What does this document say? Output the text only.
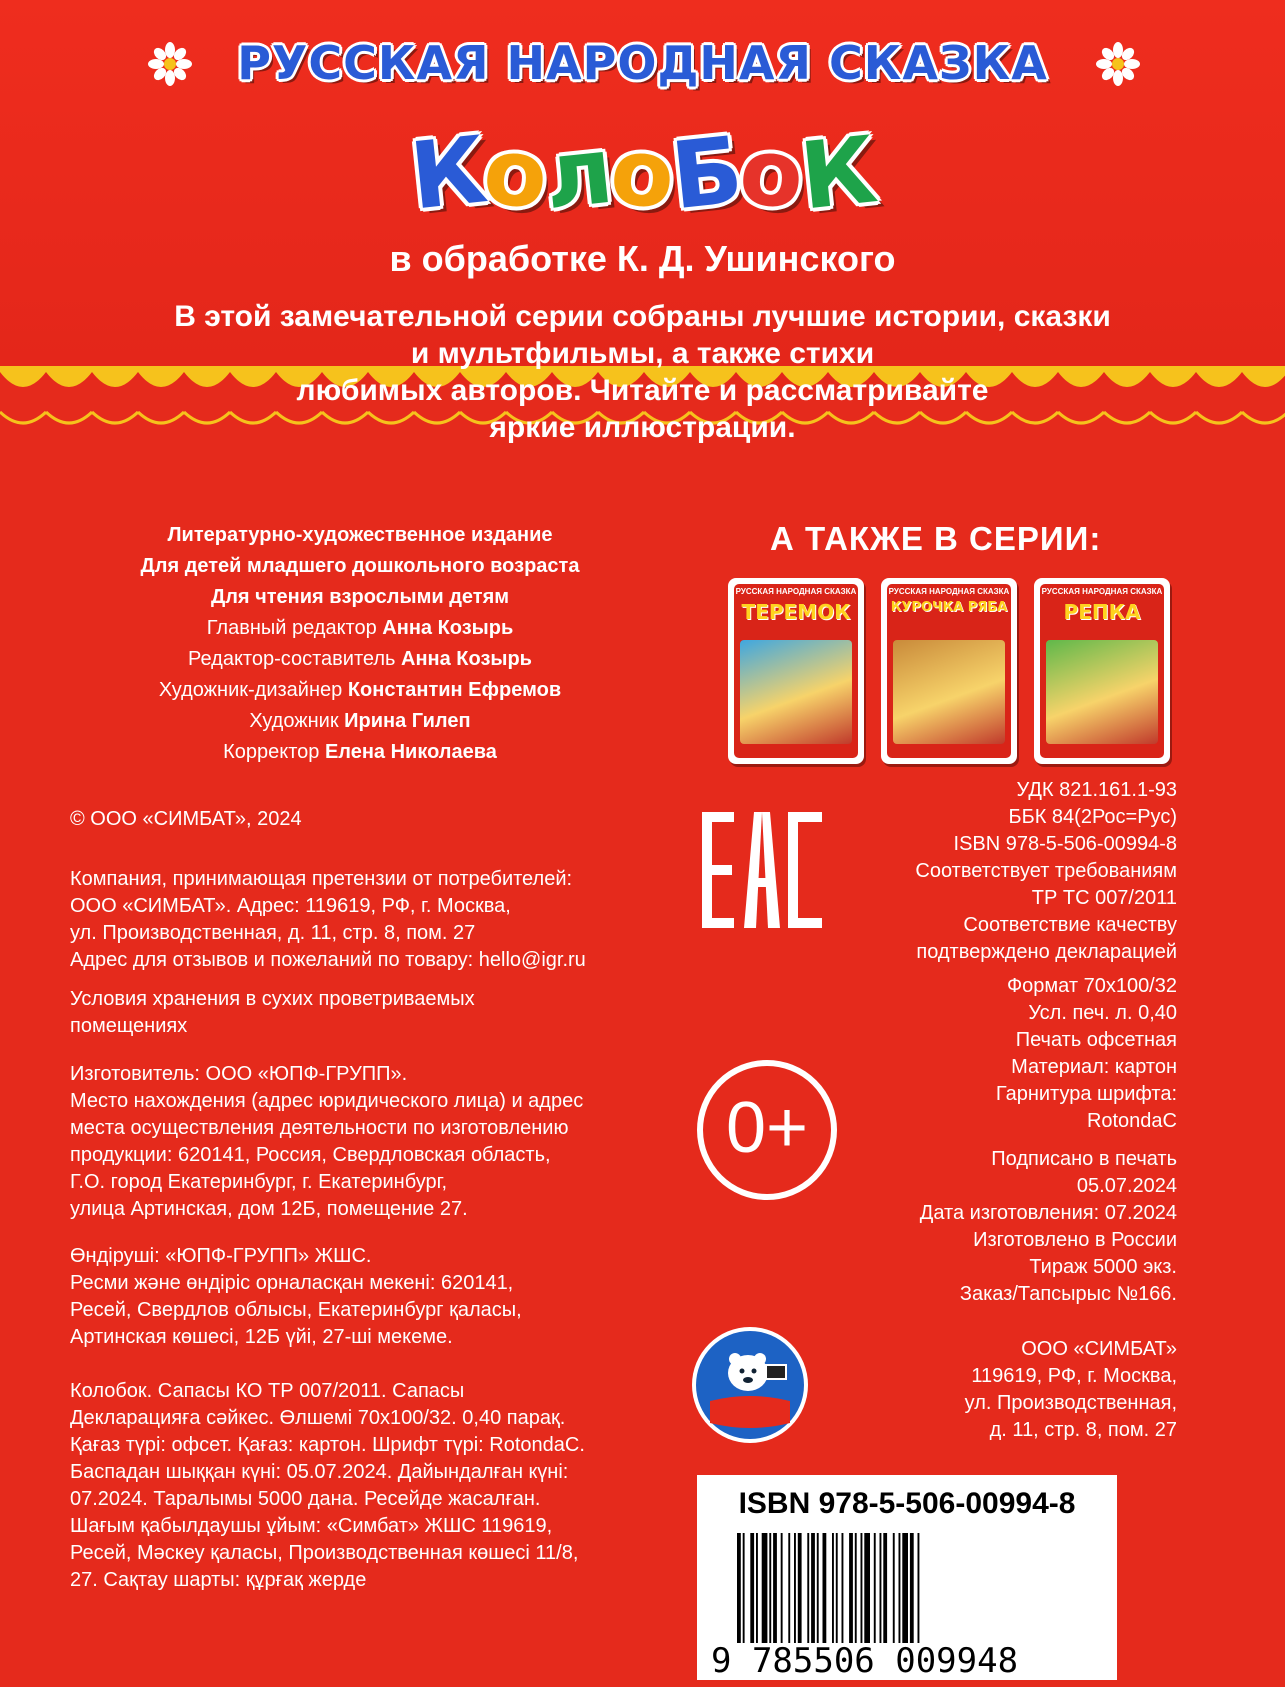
РУССКАЯ НАРОДНАЯ СКАЗКА
КолоБоК
в обработке К. Д. Ушинского
В этой замечательной серии собраны лучшие истории, сказки
и мультфильмы, а также стихи
любимых авторов. Читайте и рассматривайте
яркие иллюстрации.
Литературно-художественное издание
Для детей младшего дошкольного возраста
Для чтения взрослыми детям
Главный редактор Анна Козырь
Редактор-составитель Анна Козырь
Художник-дизайнер Константин Ефремов
Художник Ирина Гилеп
Корректор Елена Николаева
А ТАКЖЕ В СЕРИИ:
РУССКАЯ НАРОДНАЯ СКАЗКА
ТЕРЕМОК
РУССКАЯ НАРОДНАЯ СКАЗКА
КУРОЧКА РЯБА
РУССКАЯ НАРОДНАЯ СКАЗКА
РЕПКА
© ООО «СИМБАТ», 2024
Компания, принимающая претензии от потребителей:
ООО «СИМБАТ». Адрес: 119619, РФ, г. Москва,
ул. Производственная, д. 11, стр. 8, пом. 27
Адрес для отзывов и пожеланий по товару: hello@igr.ru
Условия хранения в сухих проветриваемых
помещениях
Изготовитель: ООО «ЮПФ-ГРУПП».
Место нахождения (адрес юридического лица) и адрес
места осуществления деятельности по изготовлению
продукции: 620141, Россия, Свердловская область,
Г.О. город Екатеринбург, г. Екатеринбург,
улица Артинская, дом 12Б, помещение 27.
Өндіруші: «ЮПФ-ГРУПП» ЖШС.
Ресми және өндіріс орналасқан мекені: 620141,
Ресей, Свердлов облысы, Екатеринбург қаласы,
Артинская көшесі, 12Б үйі, 27-ші мекеме.
Колобок. Сапасы КО ТР 007/2011. Сапасы
Декларацияға сәйкес. Өлшемі 70х100/32. 0,40 парақ.
Қағаз түрі: офсет. Қағаз: картон. Шрифт түрі: RotondaC.
Баспадан шыққан күні: 05.07.2024. Дайындалған күні:
07.2024. Таралымы 5000 дана. Ресейде жасалған.
Шағым қабылдаушы ұйым: «Симбат» ЖШС 119619,
Ресей, Мәскеу қаласы, Производственная көшесі 11/8,
27. Сақтау шарты: құрғақ жерде
УДК 821.161.1-93
ББК 84(2Рос=Рус)
ISBN 978-5-506-00994-8
Соответствует требованиям
ТР ТС 007/2011
Соответствие качеству
подтверждено декларацией
Формат 70х100/32
Усл. печ. л. 0,40
Печать офсетная
Материал: картон
Гарнитура шрифта:
RotondaC
Подписано в печать
05.07.2024
Дата изготовления: 07.2024
Изготовлено в России
Тираж 5000 экз.
Заказ/Тапсырыс №166.
ООО «СИМБАТ»
119619, РФ, г. Москва,
ул. Производственная,
д. 11, стр. 8, пом. 27
0+
ISBN 978-5-506-00994-8
9 785506 009948
